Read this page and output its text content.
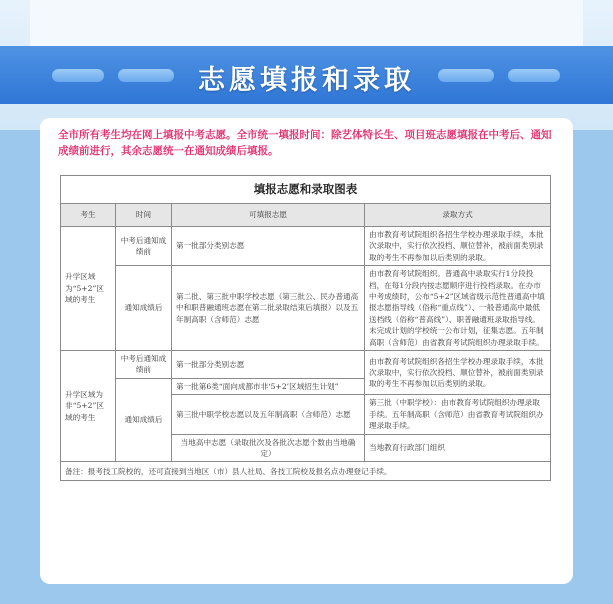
志愿填报和录取

全市所有考生均在网上填报中考志愿。全市统一填报时间：除艺体特长生、项目班志愿填报在中考后、通知成绩前进行，其余志愿统一在通知成绩后填报。

填报志愿和录取图表			
考生	时间	可填报志愿	录取方式
升学区域为“5+2”区域的考生	中考后通知成绩前	第一批部分类别志愿	由市教育考试院组织各招生学校办理录取手续，本批次录取中，实行依次投档、顺位替补，被前面类别录取的考生不再参加以后类别的录取。
	通知成绩后	第二批、第三批中职学校志愿（第三批公、民办普通高中和职普融通班志愿在第二批录取结束后填报）以及五年制高职（含师范）志愿	由市教育考试院组织。普通高中录取实行1分段投档，在每1分段内按志愿顺序进行投档录取。在办市中考成绩时，公布“5+2”区域省级示范性普通高中填报志愿指导线（俗称“重点线”）、一般普通高中最低送档线（俗称“普高线”）、职普融通班录取指导线。未完成计划的学校统一公布计划，征集志愿。五年制高职（含师范）由省教育考试院组织办理录取手续。
升学区域为非“5+2”区域的考生	中考后通知成绩前	第一批部分类别志愿	由市教育考试院组织各招生学校办理录取手续，本批次录取中，实行依次投档、顺位替补，被前面类别录取的考生不再参加以后类别的录取。
	通知成绩后	第一批第6类“面向成都市非‘5+2’区域招生计划”	
		第三批中职学校志愿以及五年制高职（含师范）志愿	第三批（中职学校）：由市教育考试院组织办理录取手续。五年制高职（含师范）由省教育考试院组织办理录取手续。
		当地高中志愿（录取批次及各批次志愿个数由当地确定）	当地教育行政部门组织
备注：报考技工院校的，还可直接到当地区（市）县人社局、各技工院校及报名点办理登记手续。			
